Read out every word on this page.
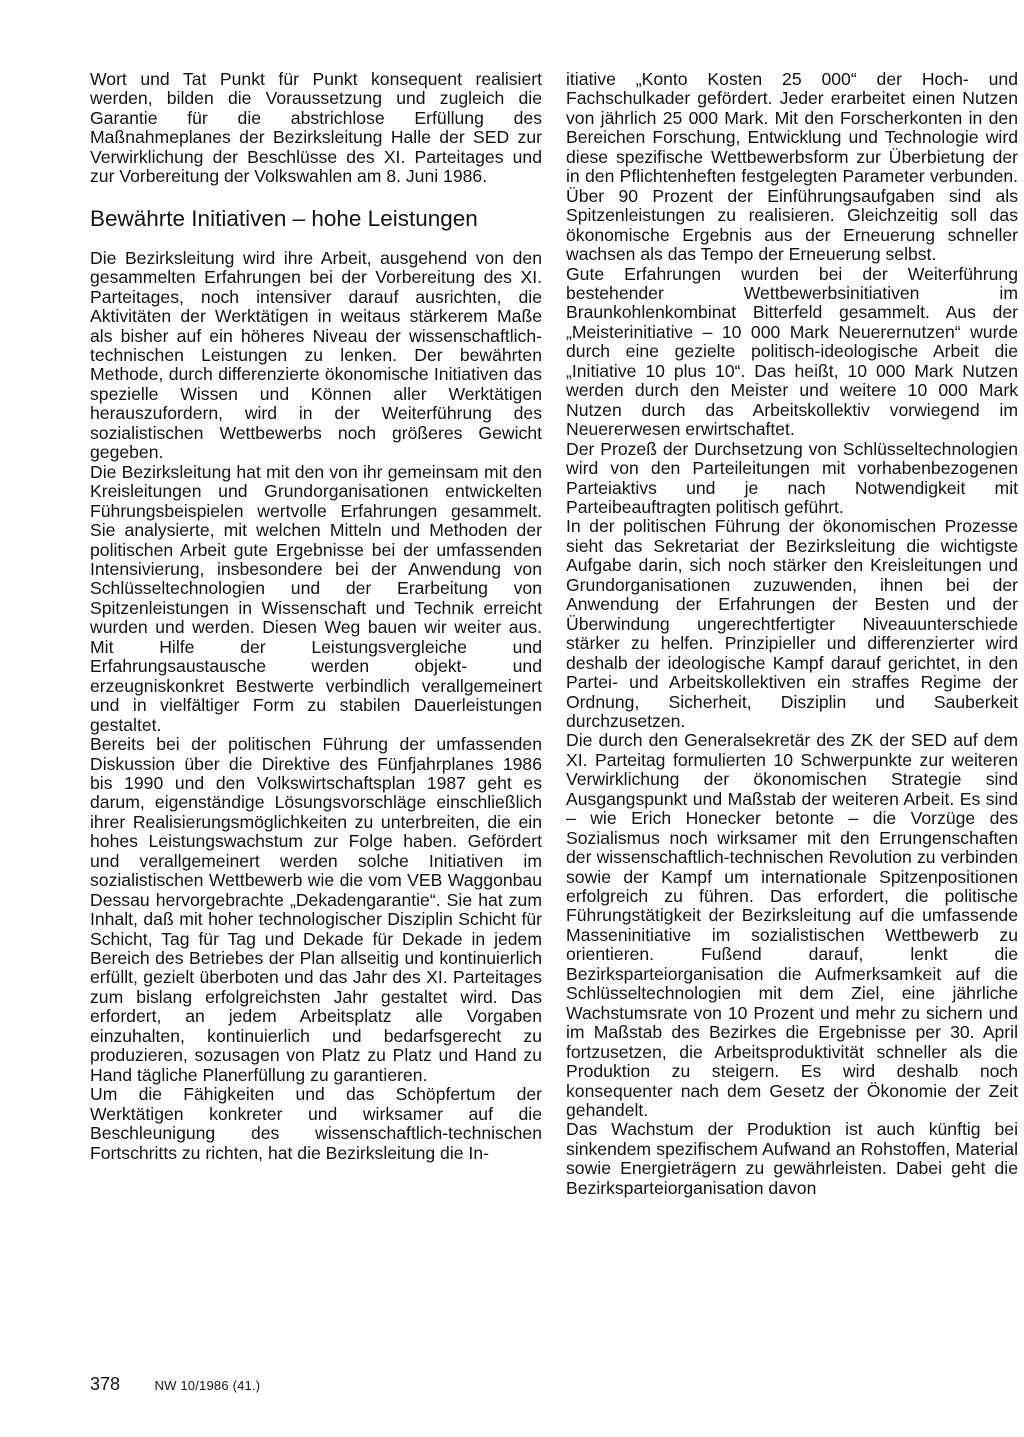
Wort und Tat Punkt für Punkt konsequent realisiert werden, bilden die Voraussetzung und zugleich die Garantie für die abstrichlose Erfüllung des Maßnahmeplanes der Bezirksleitung Halle der SED zur Verwirklichung der Beschlüsse des XI. Parteitages und zur Vorbereitung der Volkswahlen am 8. Juni 1986.

Bewährte Initiativen – hohe Leistungen

Die Bezirksleitung wird ihre Arbeit, ausgehend von den gesammelten Erfahrungen bei der Vorbereitung des XI. Parteitages, noch intensiver darauf ausrichten, die Aktivitäten der Werktätigen in weitaus stärkerem Maße als bisher auf ein höheres Niveau der wissenschaftlich-technischen Leistungen zu lenken. Der bewährten Methode, durch differenzierte ökonomische Initiativen das spezielle Wissen und Können aller Werktätigen herauszufordern, wird in der Weiterführung des sozialistischen Wettbewerbs noch größeres Gewicht gegeben.

Die Bezirksleitung hat mit den von ihr gemeinsam mit den Kreisleitungen und Grundorganisationen entwickelten Führungsbeispielen wertvolle Erfahrungen gesammelt. Sie analysierte, mit welchen Mitteln und Methoden der politischen Arbeit gute Ergebnisse bei der umfassenden Intensivierung, insbesondere bei der Anwendung von Schlüsseltechnologien und der Erarbeitung von Spitzenleistungen in Wissenschaft und Technik erreicht wurden und werden. Diesen Weg bauen wir weiter aus. Mit Hilfe der Leistungsvergleiche und Erfahrungsaustausche werden objekt- und erzeugniskonkret Bestwerte verbindlich verallgemeinert und in vielfältiger Form zu stabilen Dauerleistungen gestaltet.

Bereits bei der politischen Führung der umfassenden Diskussion über die Direktive des Fünfjahrplanes 1986 bis 1990 und den Volkswirtschaftsplan 1987 geht es darum, eigenständige Lösungsvorschläge einschließlich ihrer Realisierungsmöglichkeiten zu unterbreiten, die ein hohes Leistungswachstum zur Folge haben. Gefördert und verallgemeinert werden solche Initiativen im sozialistischen Wettbewerb wie die vom VEB Waggonbau Dessau hervorgebrachte „Dekadengarantie“. Sie hat zum Inhalt, daß mit hoher technologischer Disziplin Schicht für Schicht, Tag für Tag und Dekade für Dekade in jedem Bereich des Betriebes der Plan allseitig und kontinuierlich erfüllt, gezielt überboten und das Jahr des XI. Parteitages zum bislang erfolgreichsten Jahr gestaltet wird. Das erfordert, an jedem Arbeitsplatz alle Vorgaben einzuhalten, kontinuierlich und bedarfsgerecht zu produzieren, sozusagen von Platz zu Platz und Hand zu Hand tägliche Planerfüllung zu garantieren.

Um die Fähigkeiten und das Schöpfertum der Werktätigen konkreter und wirksamer auf die Beschleunigung des wissenschaftlich-technischen Fortschritts zu richten, hat die Bezirksleitung die In-

itiative „Konto Kosten 25 000“ der Hoch- und Fachschulkader gefördert. Jeder erarbeitet einen Nutzen von jährlich 25 000 Mark. Mit den Forscherkonten in den Bereichen Forschung, Entwicklung und Technologie wird diese spezifische Wettbewerbsform zur Überbietung der in den Pflichtenheften festgelegten Parameter verbunden. Über 90 Prozent der Einführungsaufgaben sind als Spitzenleistungen zu realisieren. Gleichzeitig soll das ökonomische Ergebnis aus der Erneuerung schneller wachsen als das Tempo der Erneuerung selbst.

Gute Erfahrungen wurden bei der Weiterführung bestehender Wettbewerbsinitiativen im Braunkohlenkombinat Bitterfeld gesammelt. Aus der „Meisterinitiative – 10 000 Mark Neuerernutzen“ wurde durch eine gezielte politisch-ideologische Arbeit die „Initiative 10 plus 10“. Das heißt, 10 000 Mark Nutzen werden durch den Meister und weitere 10 000 Mark Nutzen durch das Arbeitskollektiv vorwiegend im Neuererwesen erwirtschaftet.

Der Prozeß der Durchsetzung von Schlüsseltechnologien wird von den Parteileitungen mit vorhabenbezogenen Parteiaktivs und je nach Notwendigkeit mit Parteibeauftragten politisch geführt.

In der politischen Führung der ökonomischen Prozesse sieht das Sekretariat der Bezirksleitung die wichtigste Aufgabe darin, sich noch stärker den Kreisleitungen und Grundorganisationen zuzuwenden, ihnen bei der Anwendung der Erfahrungen der Besten und der Überwindung ungerechtfertigter Niveauunterschiede stärker zu helfen. Prinzipieller und differenzierter wird deshalb der ideologische Kampf darauf gerichtet, in den Partei- und Arbeitskollektiven ein straffes Regime der Ordnung, Sicherheit, Disziplin und Sauberkeit durchzusetzen.

Die durch den Generalsekretär des ZK der SED auf dem XI. Parteitag formulierten 10 Schwerpunkte zur weiteren Verwirklichung der ökonomischen Strategie sind Ausgangspunkt und Maßstab der weiteren Arbeit. Es sind – wie Erich Honecker betonte – die Vorzüge des Sozialismus noch wirksamer mit den Errungenschaften der wissenschaftlich-technischen Revolution zu verbinden sowie der Kampf um internationale Spitzenpositionen erfolgreich zu führen. Das erfordert, die politische Führungstätigkeit der Bezirksleitung auf die umfassende Masseninitiative im sozialistischen Wettbewerb zu orientieren. Fußend darauf, lenkt die Bezirksparteiorganisation die Aufmerksamkeit auf die Schlüsseltechnologien mit dem Ziel, eine jährliche Wachstumsrate von 10 Prozent und mehr zu sichern und im Maßstab des Bezirkes die Ergebnisse per 30. April fortzusetzen, die Arbeitsproduktivität schneller als die Produktion zu steigern. Es wird deshalb noch konsequenter nach dem Gesetz der Ökonomie der Zeit gehandelt.

Das Wachstum der Produktion ist auch künftig bei sinkendem spezifischem Aufwand an Rohstoffen, Material sowie Energieträgern zu gewährleisten. Dabei geht die Bezirksparteiorganisation davon

378	NW 10/1986 (41.)
